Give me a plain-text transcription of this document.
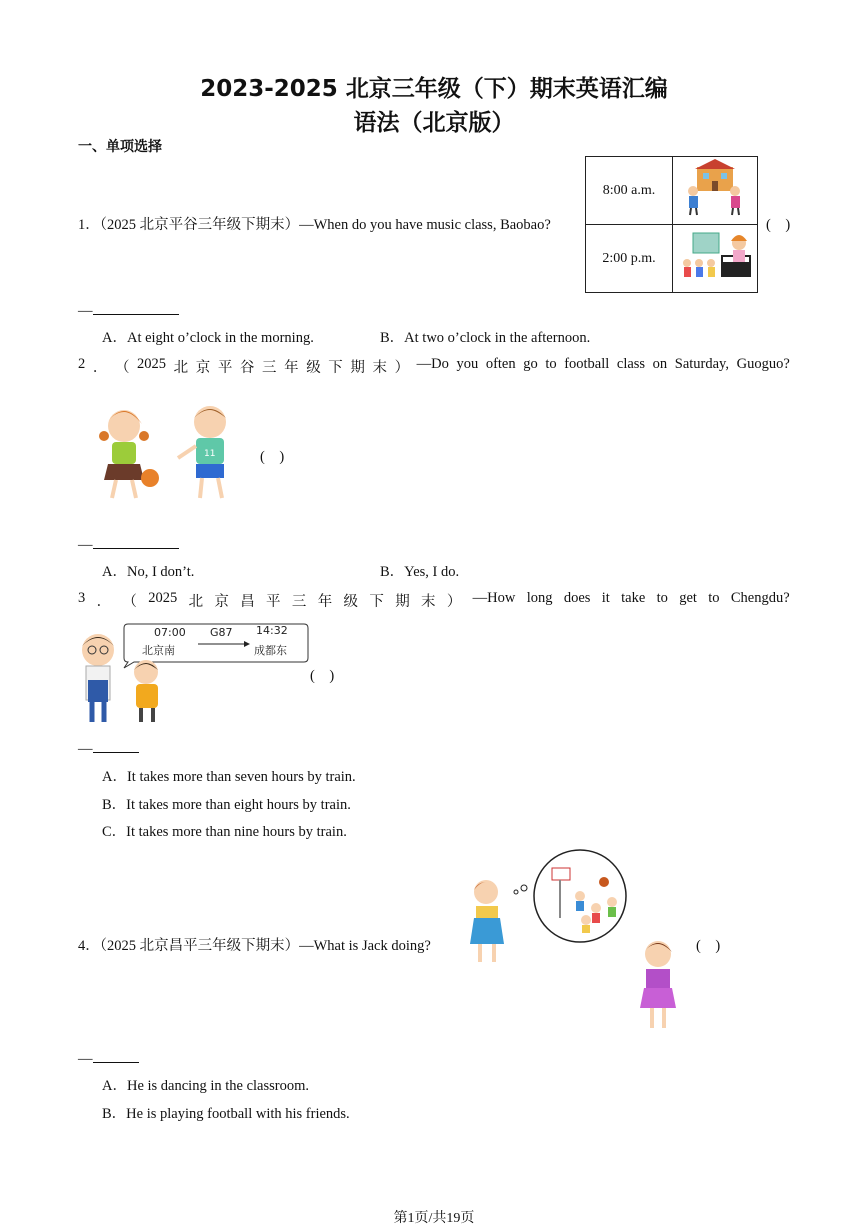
2023-2025 北京三年级（下）期末英语汇编
语法（北京版）
一、单项选择
1．（2025 北京平谷三年级下期末）—When do you have music class, Baobao?
8:00 a.m.	
2:00 p.m.	
(　)
—
A．At eight o’clock in the morning.	B．At two o’clock in the afternoon.
2 ． （ 2025 北 京 平 谷 三 年 级 下 期 末 ） —Do you often go to football class on Saturday, Guoguo?
11	(　)
—
A．No, I don’t.	B．Yes, I do.
3 ． （ 2025 北 京 昌 平 三 年 级 下 期 末 ） —How long does it take to get to Chengdu?
07:00 G87 14:32
北京南	成都东
(　)
—
A．It takes more than seven hours by train.
B．It takes more than eight hours by train.
C．It takes more than nine hours by train.
4．（2025 北京昌平三年级下期末）—What is Jack doing?	(　)
—
A．He is dancing in the classroom.
B．He is playing football with his friends.
第1页/共19页
